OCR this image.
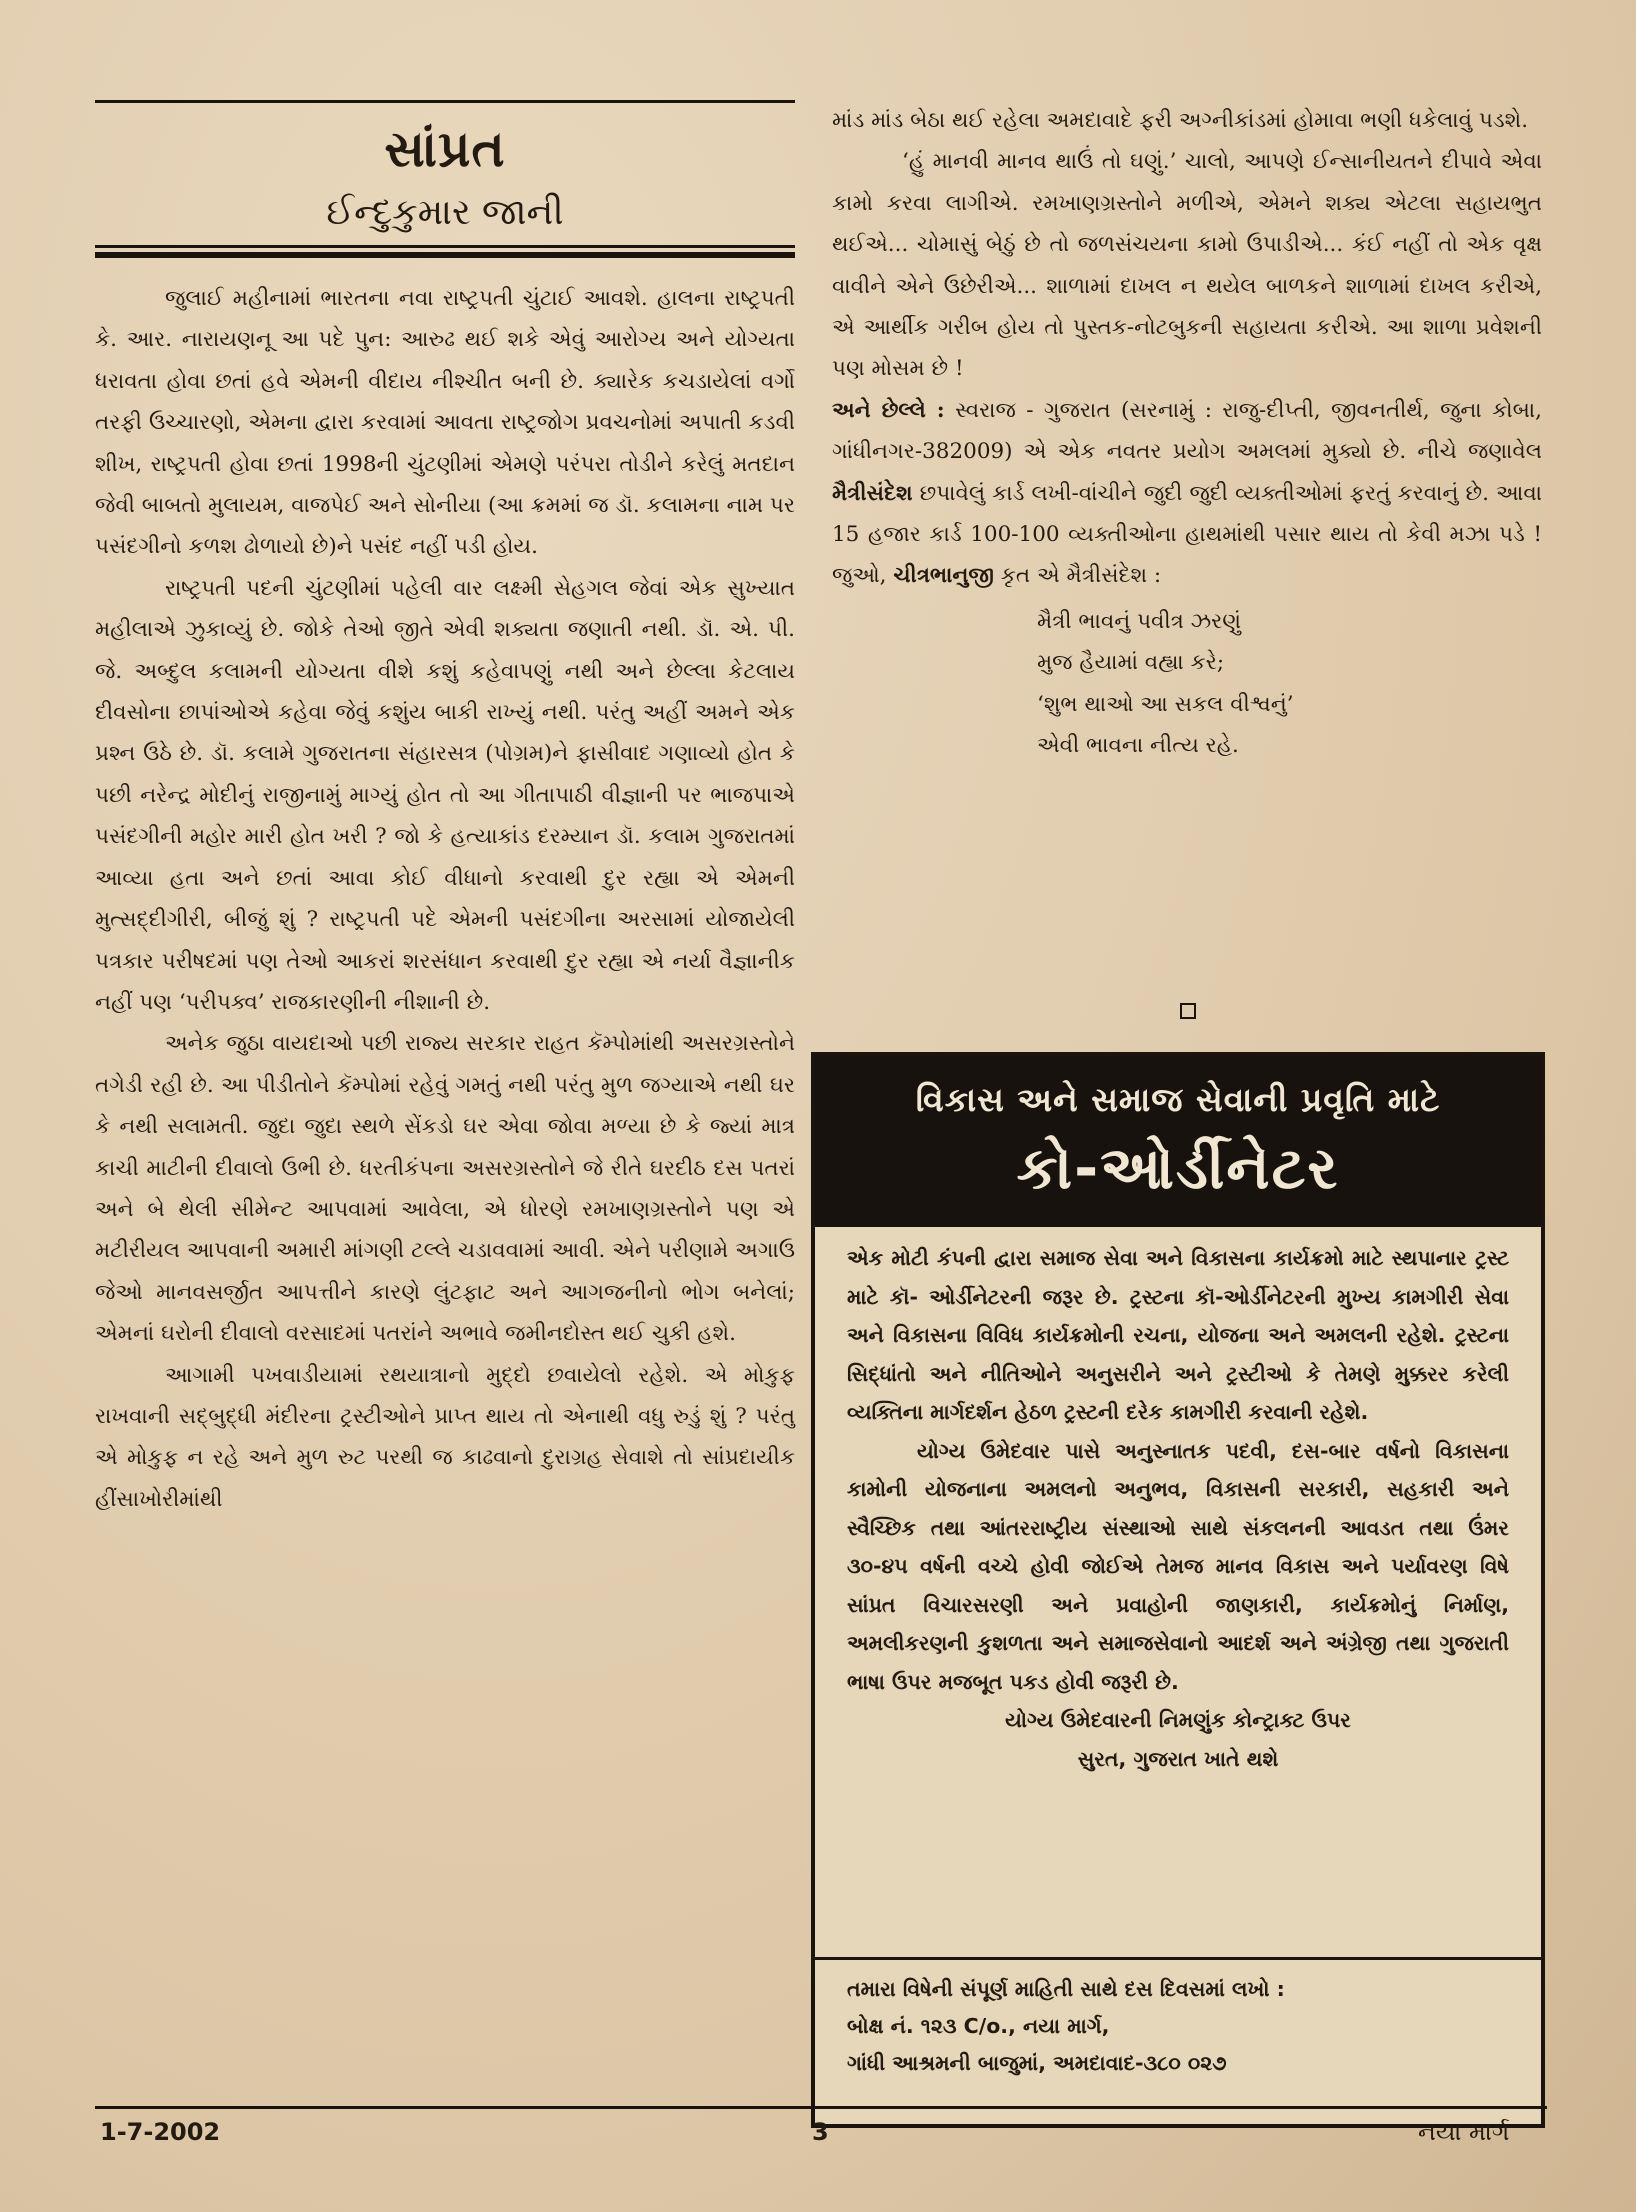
સાંપ્રત
ઈન્દુકુમાર જાની

જુલાઈ મહીનામાં ભારતના નવા રાષ્ટ્રપતી ચુંટાઈ આવશે. હાલના રાષ્ટ્રપતી કે. આર. નારાયણનૂ આ પદે પુન: આરુઢ થઈ શકે એવું આરોગ્ય અને યોગ્યતા ધરાવતા હોવા છતાં હવે એમની વીદાય નીશ્ચીત બની છે. ક્યારેક કચડાયેલાં વર્ગો તરફી ઉચ્ચારણો, એમના દ્વારા કરવામાં આવતા રાષ્ટ્રજોગ પ્રવચનોમાં અપાતી કડવી શીખ, રાષ્ટ્રપતી હોવા છતાં 1998ની ચુંટણીમાં એમણે પરંપરા તોડીને કરેલું મતદાન જેવી બાબતો મુલાયમ, વાજપેઈ અને સોનીયા (આ ક્રમમાં જ ડૉ. કલામના નામ પર પસંદગીનો કળશ ઢોળાયો છે)ને પસંદ નહીં પડી હોય.

રાષ્ટ્રપતી પદની ચુંટણીમાં પહેલી વાર લક્ષ્મી સેહગલ જેવાં એક સુખ્યાત મહીલાએ ઝુકાવ્યું છે. જોકે તેઓ જીતે એવી શક્યતા જણાતી નથી. ડૉ. એ. પી. જે. અબ્દુલ કલામની યોગ્યતા વીશે કશું કહેવાપણું નથી અને છેલ્લા કેટલાય દીવસોના છાપાંઓએ કહેવા જેવું કશુંય બાકી રાખ્યું નથી. પરંતુ અહીં અમને એક પ્રશ્ન ઉઠે છે. ડૉ. કલામે ગુજરાતના સંહારસત્ર (પોગ્રમ)ને ફાસીવાદ ગણાવ્યો હોત કે પછી નરેન્દ્ર મોદીનું રાજીનામું માગ્યું હોત તો આ ગીતાપાઠી વીજ્ઞાની પર ભાજપાએ પસંદગીની મહોર મારી હોત ખરી ? જો કે હત્યાકાંડ દરમ્યાન ડૉ. કલામ ગુજરાતમાં આવ્યા હતા અને છતાં આવા કોઈ વીધાનો કરવાથી દુર રહ્યા એ એમની મુત્સદ્દીગીરી, બીજું શું ? રાષ્ટ્રપતી પદે એમની પસંદગીના અરસામાં યોજાયેલી પત્રકાર પરીષદમાં પણ તેઓ આકરાં શરસંધાન કરવાથી દુર રહ્યા એ નર્યા વૈજ્ઞાનીક નહીં પણ ‘પરીપક્વ’ રાજકારણીની નીશાની છે.

અનેક જુઠા વાયદાઓ પછી રાજ્ય સરકાર રાહત કૅમ્પોમાંથી અસરગ્રસ્તોને તગેડી રહી છે. આ પીડીતોને કૅમ્પોમાં રહેવું ગમતું નથી પરંતુ મુળ જગ્યાએ નથી ઘર કે નથી સલામતી. જુદા જુદા સ્થળે સેંકડો ઘર એવા જોવા મળ્યા છે કે જ્યાં માત્ર કાચી માટીની દીવાલો ઉભી છે. ધરતીકંપના અસરગ્રસ્તોને જે રીતે ઘરદીઠ દસ પતરાં અને બે થેલી સીમેન્ટ આપવામાં આવેલા, એ ધોરણે રમખાણગ્રસ્તોને પણ એ મટીરીયલ આપવાની અમારી માંગણી ટલ્લે ચડાવવામાં આવી. એને પરીણામે અગાઉ જેઓ માનવસર્જીત આપત્તીને કારણે લુંટફાટ અને આગજનીનો ભોગ બનેલાં; એમનાં ઘરોની દીવાલો વરસાદમાં પતરાંને અભાવે જમીનદોસ્ત થઈ ચુકી હશે.

આગામી પખવાડીયામાં રથયાત્રાનો મુદ્દો છવાયેલો રહેશે. એ મોકુફ રાખવાની સદ્બુદ્ધી મંદીરના ટ્રસ્ટીઓને પ્રાપ્ત થાય તો એનાથી વધુ રુડું શું ? પરંતુ એ મોકુફ ન રહે અને મુળ રુટ પરથી જ કાઢવાનો દુરાગ્રહ સેવાશે તો સાંપ્રદાયીક હીંસાખોરીમાંથી

માંડ માંડ બેઠા થઈ રહેલા અમદાવાદે ફરી અગ્નીકાંડમાં હોમાવા ભણી ધકેલાવું પડશે.

‘હું માનવી માનવ થાઉં તો ઘણું.’ ચાલો, આપણે ઈન્સાનીયતને દીપાવે એવા કામો કરવા લાગીએ. રમખાણગ્રસ્તોને મળીએ, એમને શક્ય એટલા સહાયભુત થઈએ... ચોમાસું બેઠું છે તો જળસંચયના કામો ઉપાડીએ... કંઈ નહીં તો એક વૃક્ષ વાવીને એને ઉછેરીએ... શાળામાં દાખલ ન થયેલ બાળકને શાળામાં દાખલ કરીએ, એ આર્થીક ગરીબ હોય તો પુસ્તક-નોટબુકની સહાયતા કરીએ. આ શાળા પ્રવેશની પણ મોસમ છે !

અને છેલ્લે : સ્વરાજ - ગુજરાત (સરનામું : રાજુ-દીપ્તી, જીવનતીર્થ, જુના કોબા, ગાંધીનગર-382009) એ એક નવતર પ્રયોગ અમલમાં મુક્યો છે. નીચે જણાવેલ મૈત્રીસંદેશ છપાવેલું કાર્ડ લખી-વાંચીને જુદી જુદી વ્યક્તીઓમાં ફરતું કરવાનું છે. આવા 15 હજાર કાર્ડ 100-100 વ્યક્તીઓના હાથમાંથી પસાર થાય તો કેવી મઝા પડે ! જુઓ, ચીત્રભાનુજી કૃત એ મૈત્રીસંદેશ :

મૈત્રી ભાવનું પવીત્ર ઝરણું
મુજ હૈયામાં વહ્યા કરે;
‘શુભ થાઓ આ સકલ વીશ્વનું’
એવી ભાવના નીત્ય રહે.
વિકાસ અને સમાજ સેવાની પ્રવૃતિ માટે
કો-ઓર્ડીનેટર

એક મોટી કંપની દ્વારા સમાજ સેવા અને વિકાસના કાર્યક્રમો માટે સ્થપાનાર ટ્રસ્ટ માટે કૉ- ઓર્ડીનેટરની જરૂર છે. ટ્રસ્ટના કૉ-ઓર્ડીનેટરની મુખ્ય કામગીરી સેવા અને વિકાસના વિવિધ કાર્યક્રમોની રચના, યોજના અને અમલની રહેશે. ટ્રસ્ટના સિદ્ધાંતો અને નીતિઓને અનુસરીને અને ટ્રસ્ટીઓ કે તેમણે મુક્કરર કરેલી વ્યક્તિના માર્ગદર્શન હેઠળ ટ્રસ્ટની દરેક કામગીરી કરવાની રહેશે.

યોગ્ય ઉમેદવાર પાસે અનુસ્નાતક પદવી, દસ-બાર વર્ષનો વિકાસના કામોની યોજનાના અમલનો અનુભવ, વિકાસની સરકારી, સહકારી અને સ્વૈચ્છિક તથા આંતરરાષ્ટ્રીય સંસ્થાઓ સાથે સંકલનની આવડત તથા ઉંમર ૩૦-૪૫ વર્ષની વચ્ચે હોવી જોઈએ તેમજ માનવ વિકાસ અને પર્યાવરણ વિષે સાંપ્રત વિચારસરણી અને પ્રવાહોની જાણકારી, કાર્યક્રમોનું નિર્માણ, અમલીકરણની કુશળતા અને સમાજસેવાનો આદર્શ અને અંગ્રેજી તથા ગુજરાતી ભાષા ઉપર મજબૂત પકડ હોવી જરૂરી છે.

યોગ્ય ઉમેદવારની નિમણુંક કોન્ટ્રાક્ટ ઉપર

સુરત, ગુજરાત ખાતે થશે

તમારા વિષેની સંપૂર્ણ માહિતી સાથે દસ દિવસમાં લખો :
બોક્ષ નં. ૧૨૩ C/o., નયા માર્ગ,
ગાંધી આશ્રમની બાજુમાં, અમદાવાદ-૩૮૦ ૦૨૭
1-7-2002	3	નયા માર્ગ
